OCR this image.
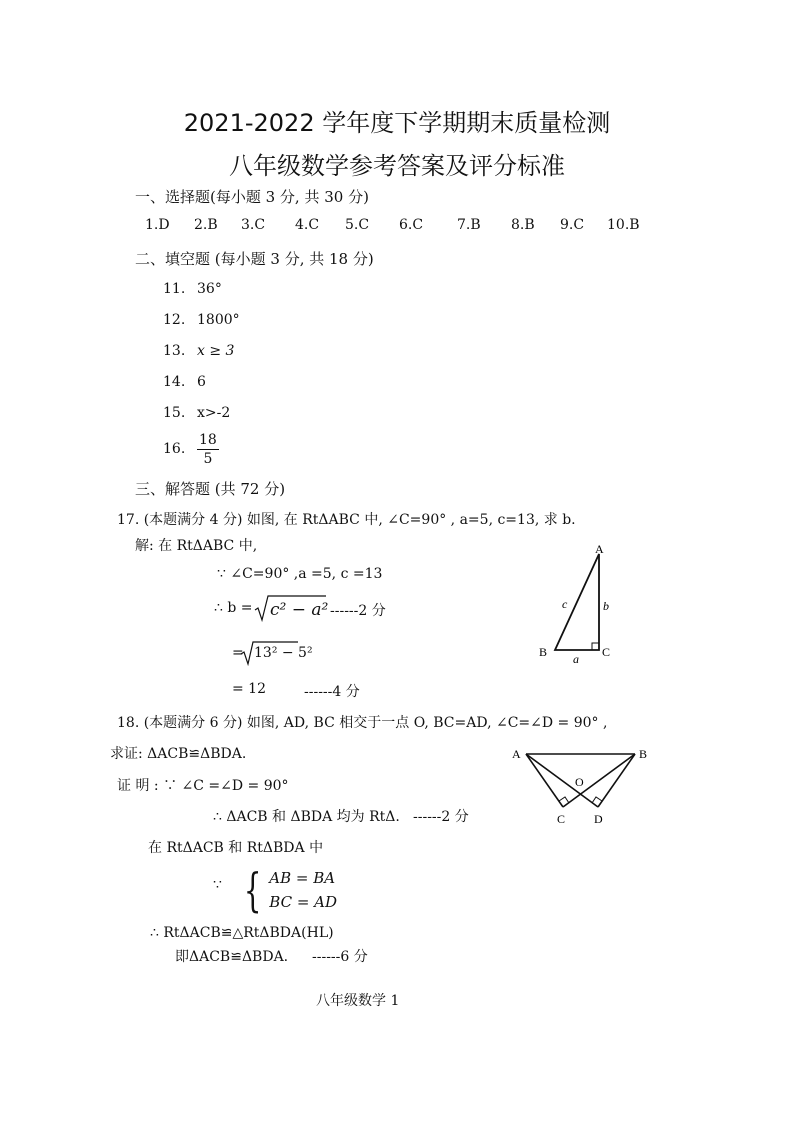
2021-2022 学年度下学期期末质量检测
八年级数学参考答案及评分标准
一、选择题(每小题 3 分, 共 30 分)
1.D 2.B 3.C 4.C 5.C 6.C 7.B 8.B 9.C 10.B
二、填空题 (每小题 3 分, 共 18 分)
11. 36°
12. 1800°
13. x ≥ 3
14. 6
15. x>-2
16. $\frac{18}{5}$
三、解答题 (共 72 分)
17. (本题满分 4 分) 如图, 在 RtΔABC 中, ∠C=90° , a=5, c=13, 求 b.
解: 在 RtΔABC 中,
∵ ∠C=90° ,a =5, c =13
∴ b = c² − a² ------2 分
= 13² − 5²
= 12	------4 分
A
B	C
a
b
c
18. (本题满分 6 分) 如图, AD, BC 相交于一点 O, BC=AD, ∠C=∠D = 90° ,
求证: ΔACB≌ΔBDA.
证 明 : ∵ ∠C =∠D = 90°
∴ ΔACB 和 ΔBDA 均为 RtΔ. ------2 分
在 RtΔACB 和 RtΔBDA 中
∵ { AB = BA
BC = AD
∴ RtΔACB≌△RtΔBDA(HL)
即ΔACB≌ΔBDA. ------6 分
A	B
C D
O
八年级数学 1
